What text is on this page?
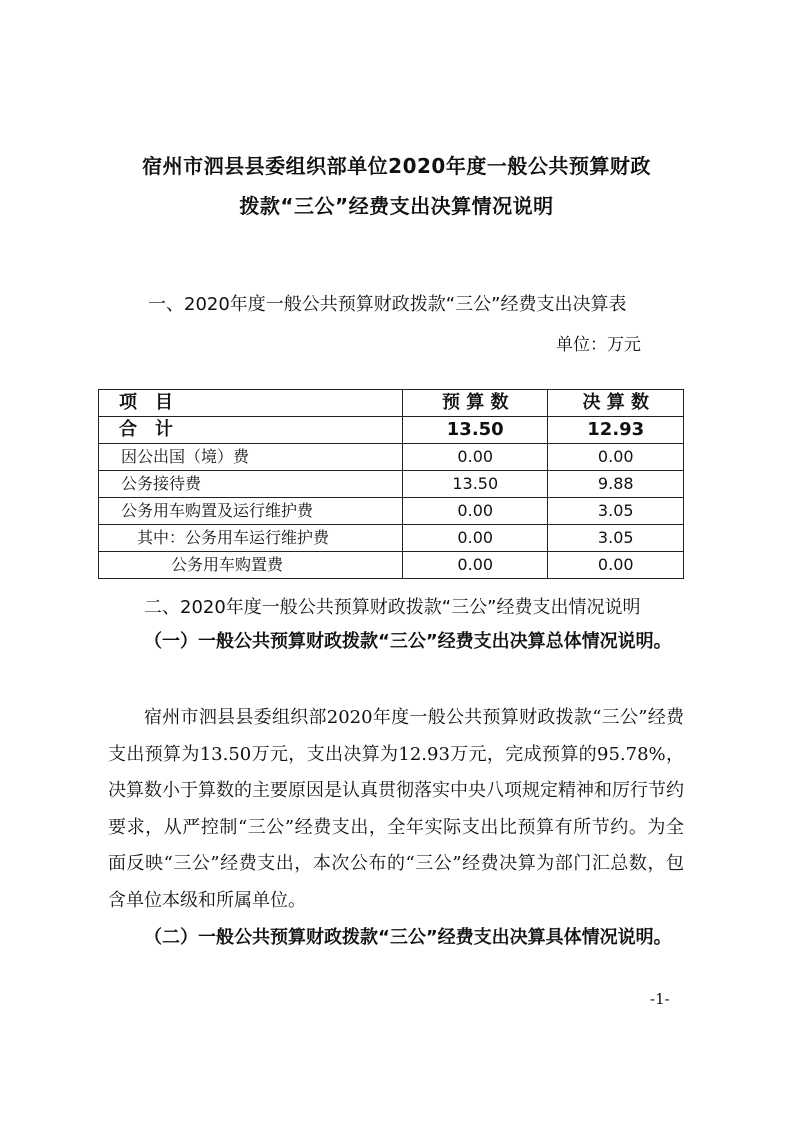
宿州市泗县县委组织部单位2020年度一般公共预算财政
拨款“三公”经费支出决算情况说明
一、2020年度一般公共预算财政拨款“三公”经费支出决算表
单位：万元
项　目	预 算 数	决 算 数
合　计	13.50	12.93
因公出国（境）费	0.00	0.00
公务接待费	13.50	9.88
公务用车购置及运行维护费	0.00	3.05
其中：公务用车运行维护费	0.00	3.05
公务用车购置费	0.00	0.00
二、2020年度一般公共预算财政拨款“三公”经费支出情况说明
（一）一般公共预算财政拨款“三公”经费支出决算总体情况说明。
宿州市泗县县委组织部2020年度一般公共预算财政拨款“三公”经费支出预算为13.50万元，支出决算为12.93万元，完成预算的95.78%，决算数小于算数的主要原因是认真贯彻落实中央八项规定精神和厉行节约要求，从严控制“三公”经费支出，全年实际支出比预算有所节约。为全面反映“三公”经费支出，本次公布的“三公”经费决算为部门汇总数，包含单位本级和所属单位。
（二）一般公共预算财政拨款“三公”经费支出决算具体情况说明。
-1-
